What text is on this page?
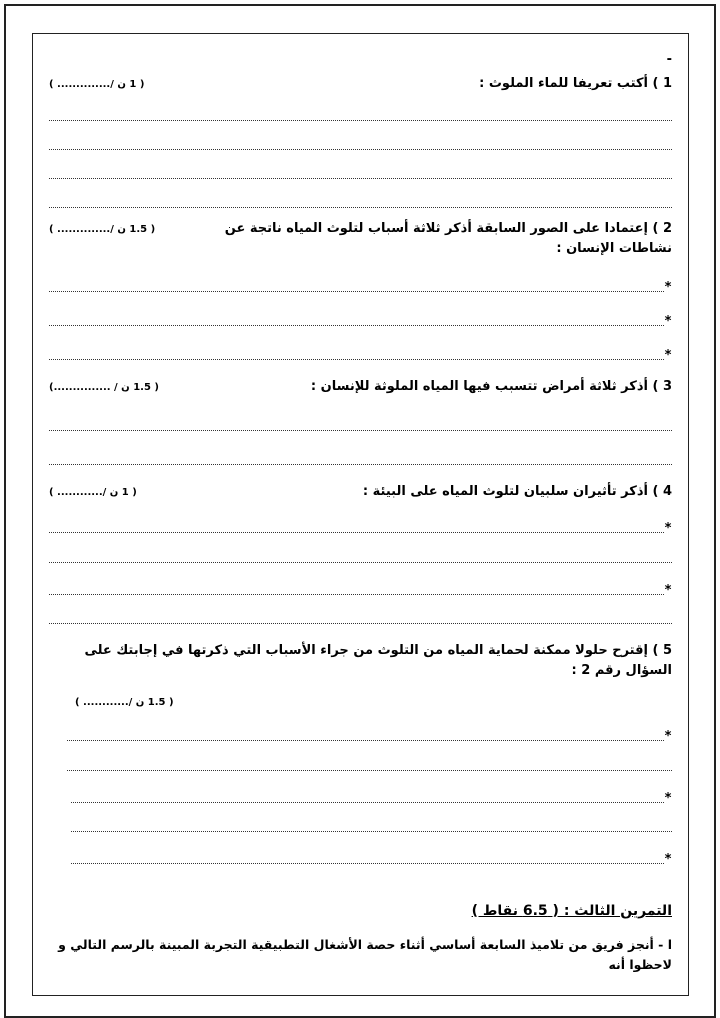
-
1 ) أكتب تعريفا للماء الملوث :
( 1 ن /.............. )
2 ) إعتمادا على الصور السابقة أذكر ثلاثة أسباب لتلوث المياه ناتجة عن نشاطات الإنسان :
( 1.5 ن /.............. )
*
*
*
3 ) أذكر ثلاثة أمراض تتسبب فيها المياه الملوثة للإنسان :
( 1.5 ن / ...............)
4 ) أذكر تأثيران سلبيان لتلوث المياه على البيئة :
( 1 ن /............ )
*
*
5 ) إقترح حلولا ممكنة لحماية المياه من التلوث من جراء الأسباب التي ذكرتها في إجابتك على السؤال رقم 2 :
( 1.5 ن /............ )
*
*
*
التمرين الثالث : ( 6.5 نقاط )
ا - أنجز فريق من تلاميذ السابعة أساسي أثناء حصة الأشغال التطبيقية التجربة المبينة بالرسم التالي و لاحظوا أنه
